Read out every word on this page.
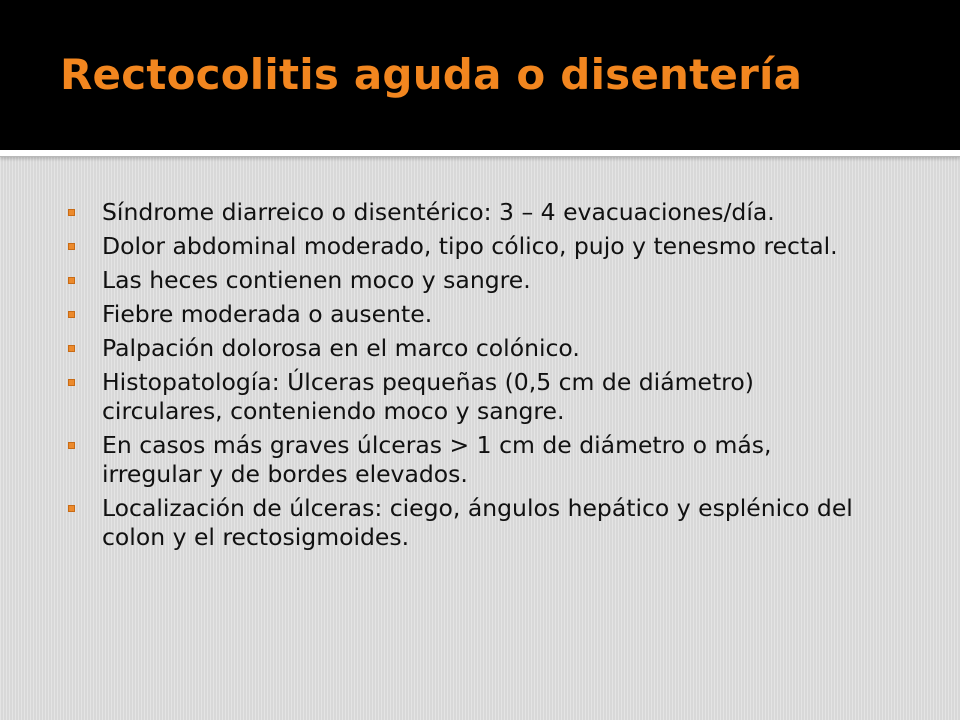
Rectocolitis aguda o disentería
Síndrome diarreico o disentérico: 3 – 4 evacuaciones/día.
Dolor abdominal moderado, tipo cólico, pujo y tenesmo rectal.
Las heces contienen moco y sangre.
Fiebre moderada o ausente.
Palpación dolorosa en el marco colónico.
Histopatología: Úlceras pequeñas (0,5 cm de diámetro) circulares, conteniendo moco y sangre.
En casos más graves úlceras > 1 cm de diámetro o más, irregular y de bordes elevados.
Localización de úlceras: ciego, ángulos hepático y esplénico del colon y el rectosigmoides.
